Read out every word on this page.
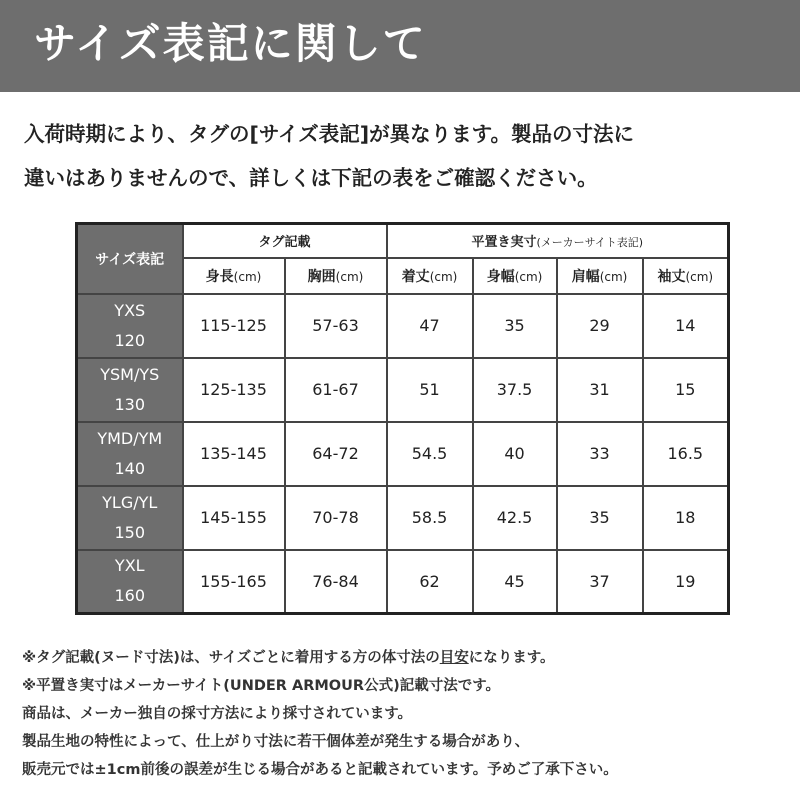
サイズ表記に関して
入荷時期により、タグの[サイズ表記]が異なります。製品の寸法に
違いはありませんので、詳しくは下記の表をご確認ください。
サイズ表記	タグ記載		平置き実寸(メーカーサイト表記)			
	身長(cm)	胸囲(cm)	着丈(cm)	身幅(cm)	肩幅(cm)	袖丈(cm)

YXS
120	115-125	57-63	47	35	29	14

YSM/YS
130	125-135	61-67	51	37.5	31	15

YMD/YM
140	135-145	64-72	54.5	40	33	16.5

YLG/YL
150	145-155	70-78	58.5	42.5	35	18

YXL
160	155-165	76-84	62	45	37	19
※タグ記載(ヌード寸法)は、サイズごとに着用する方の体寸法の目安になります。
※平置き実寸はメーカーサイト(UNDER ARMOUR公式)記載寸法です。
商品は、メーカー独自の採寸方法により採寸されています。
製品生地の特性によって、仕上がり寸法に若干個体差が発生する場合があり、
販売元では±1cm前後の誤差が生じる場合があると記載されています。予めご了承下さい。
